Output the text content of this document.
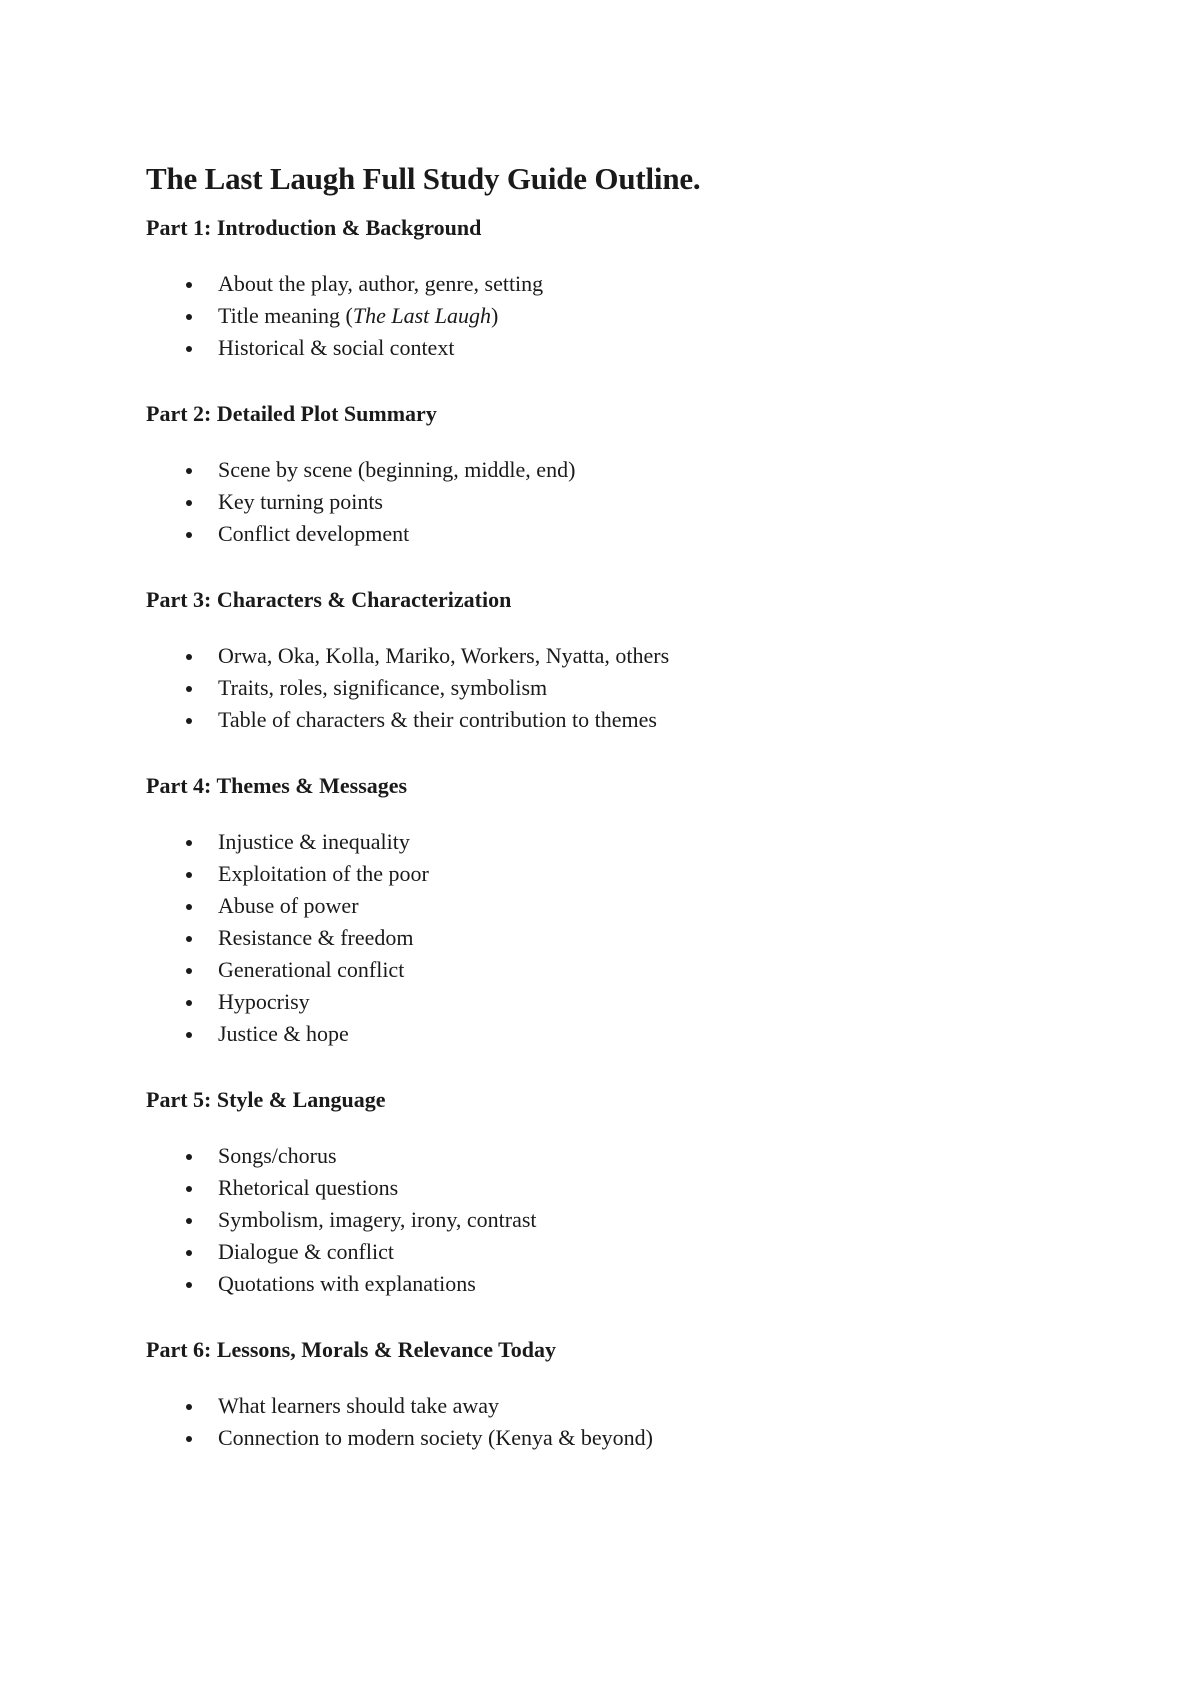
The Last Laugh Full Study Guide Outline.
Part 1: Introduction & Background
About the play, author, genre, setting
Title meaning (The Last Laugh)
Historical & social context
Part 2: Detailed Plot Summary
Scene by scene (beginning, middle, end)
Key turning points
Conflict development
Part 3: Characters & Characterization
Orwa, Oka, Kolla, Mariko, Workers, Nyatta, others
Traits, roles, significance, symbolism
Table of characters & their contribution to themes
Part 4: Themes & Messages
Injustice & inequality
Exploitation of the poor
Abuse of power
Resistance & freedom
Generational conflict
Hypocrisy
Justice & hope
Part 5: Style & Language
Songs/chorus
Rhetorical questions
Symbolism, imagery, irony, contrast
Dialogue & conflict
Quotations with explanations
Part 6: Lessons, Morals & Relevance Today
What learners should take away
Connection to modern society (Kenya & beyond)
